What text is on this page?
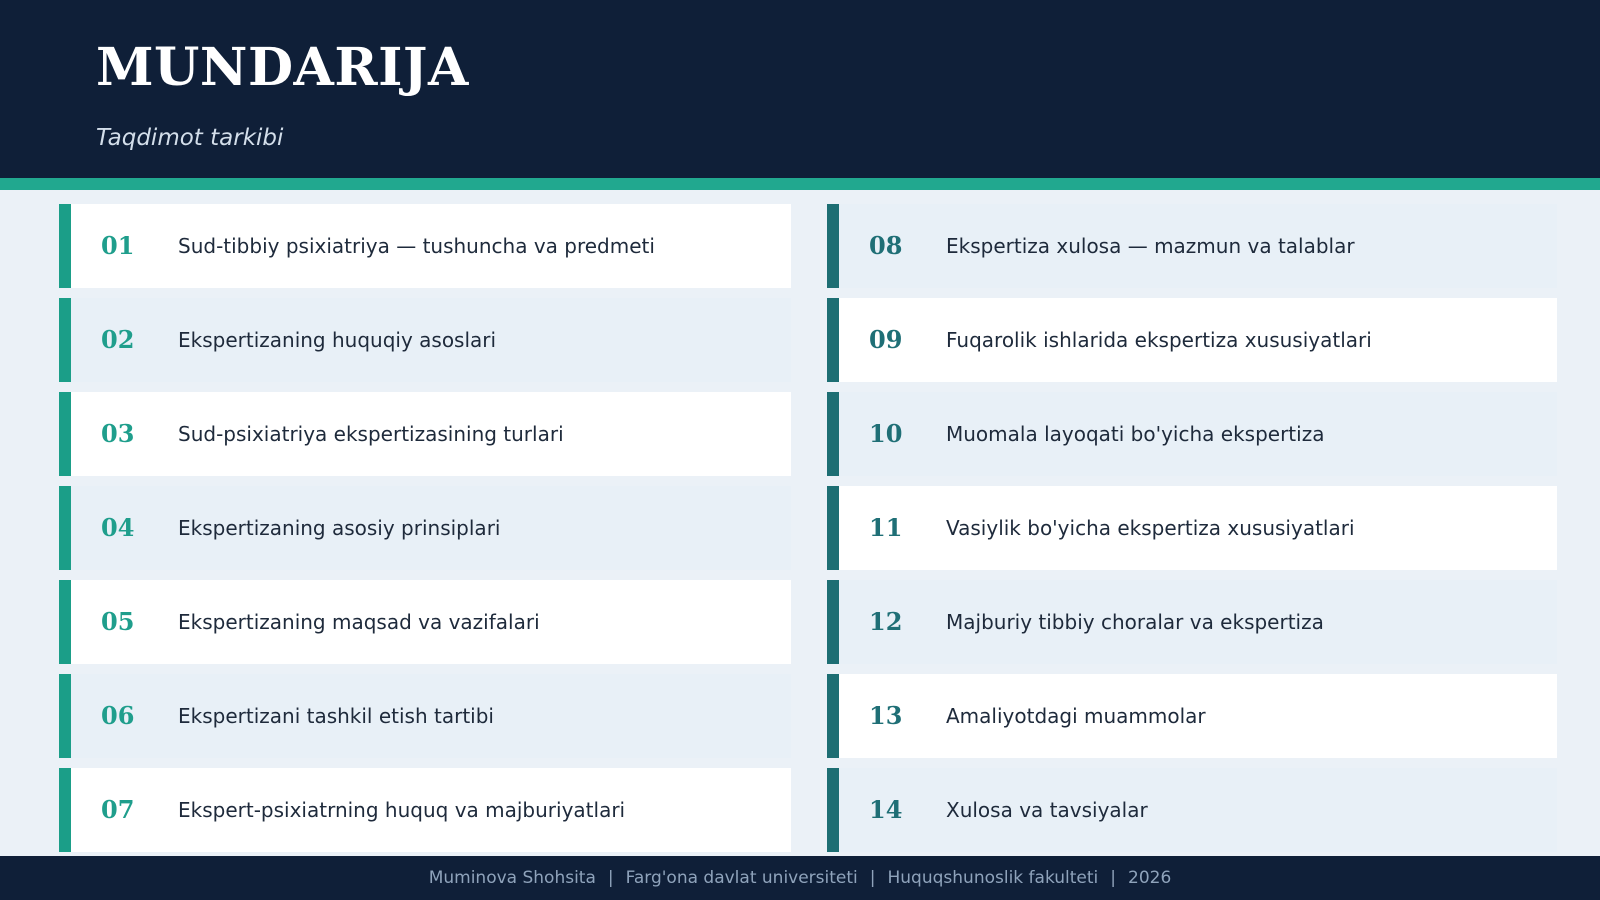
MUNDARIJA
Taqdimot tarkibi
01 Sud-tibbiy psixiatriya — tushuncha va predmeti
02 Ekspertizaning huquqiy asoslari
03 Sud-psixiatriya ekspertizasining turlari
04 Ekspertizaning asosiy prinsiplari
05 Ekspertizaning maqsad va vazifalari
06 Ekspertizani tashkil etish tartibi
07 Ekspert-psixiatrning huquq va majburiyatlari
08 Ekspertiza xulosa — mazmun va talablar
09 Fuqarolik ishlarida ekspertiza xususiyatlari
10 Muomala layoqati bo'yicha ekspertiza
11 Vasiylik bo'yicha ekspertiza xususiyatlari
12 Majburiy tibbiy choralar va ekspertiza
13 Amaliyotdagi muammolar
14 Xulosa va tavsiyalar
Muminova Shohsita | Farg'ona davlat universiteti | Huquqshunoslik fakulteti | 2026
